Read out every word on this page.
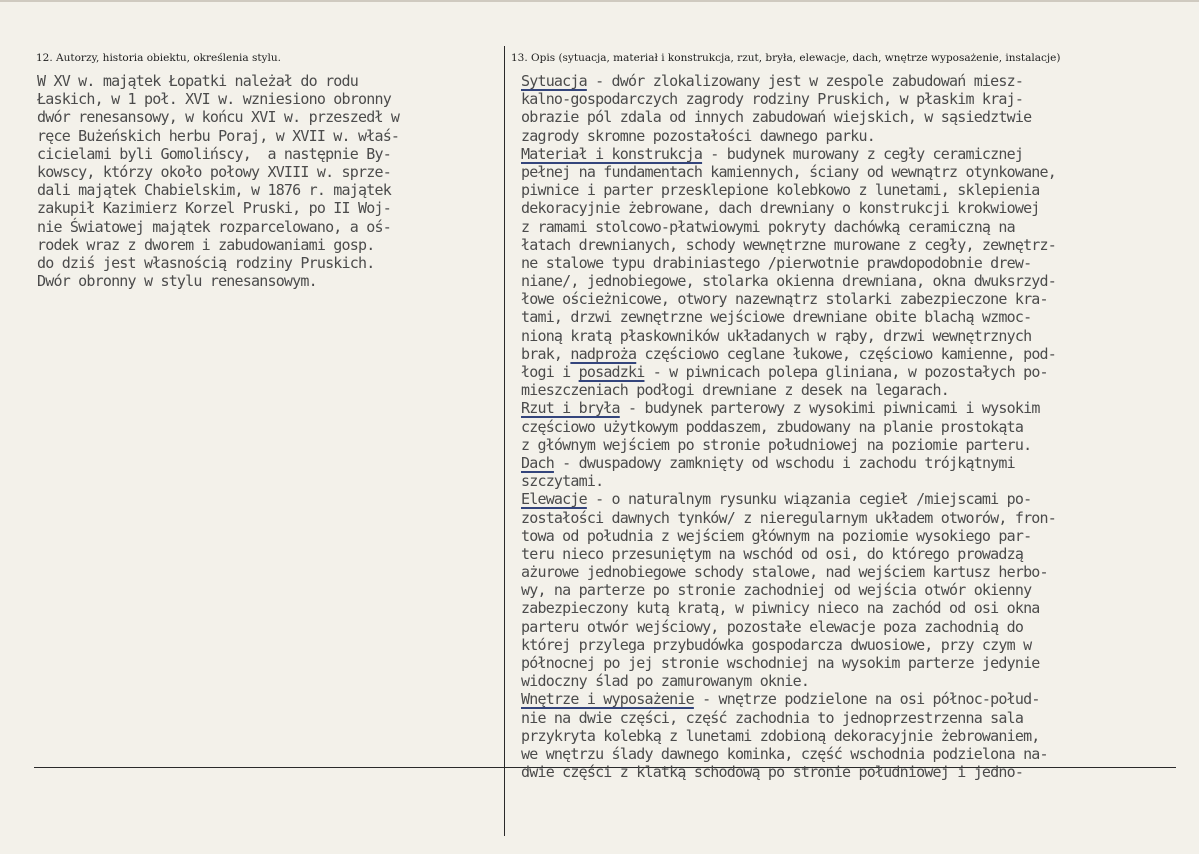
12. Autorzy, historia obiektu, określenia stylu.	13. Opis (sytuacja, materiał i konstrukcja, rzut, bryła, elewacje, dach, wnętrze wyposażenie, instalacje)
W XV w. majątek Łopatki należał do rodu
Łaskich, w 1 poł. XVI w. wzniesiono obronny
dwór renesansowy, w końcu XVI w. przeszedł w
ręce Bużeńskich herbu Poraj, w XVII w. właś-
cicielami byli Gomolińscy,  a następnie By-
kowscy, którzy około połowy XVIII w. sprze-
dali majątek Chabielskim, w 1876 r. majątek
zakupił Kazimierz Korzel Pruski, po II Woj-
nie Światowej majątek rozparcelowano, a oś-
rodek wraz z dworem i zabudowaniami gosp.
do dziś jest własnością rodziny Pruskich.
Dwór obronny w stylu renesansowym.
Sytuacja - dwór zlokalizowany jest w zespole zabudowań miesz-
kalno-gospodarczych zagrody rodziny Pruskich, w płaskim kraj-
obrazie pól zdala od innych zabudowań wiejskich, w sąsiedztwie
zagrody skromne pozostałości dawnego parku.
Materiał i konstrukcja - budynek murowany z cegły ceramicznej
pełnej na fundamentach kamiennych, ściany od wewnątrz otynkowane,
piwnice i parter przesklepione kolebkowo z lunetami, sklepienia
dekoracyjnie żebrowane, dach drewniany o konstrukcji krokwiowej
z ramami stolcowo-płatwiowymi pokryty dachówką ceramiczną na
łatach drewnianych, schody wewnętrzne murowane z cegły, zewnętrz-
ne stalowe typu drabiniastego /pierwotnie prawdopodobnie drew-
niane/, jednobiegowe, stolarka okienna drewniana, okna dwuksrzyd-
łowe ościeżnicowe, otwory nazewnątrz stolarki zabezpieczone kra-
tami, drzwi zewnętrzne wejściowe drewniane obite blachą wzmoc-
nioną kratą płaskowników układanych w rąby, drzwi wewnętrznych
brak, nadproża częściowo ceglane łukowe, częściowo kamienne, pod-
łogi i posadzki - w piwnicach polepa gliniana, w pozostałych po-
mieszczeniach podłogi drewniane z desek na legarach.
Rzut i bryła - budynek parterowy z wysokimi piwnicami i wysokim
częściowo użytkowym poddaszem, zbudowany na planie prostokąta
z głównym wejściem po stronie południowej na poziomie parteru.
Dach - dwuspadowy zamknięty od wschodu i zachodu trójkątnymi
szczytami.
Elewacje - o naturalnym rysunku wiązania cegieł /miejscami po-
zostałości dawnych tynków/ z nieregularnym układem otworów, fron-
towa od południa z wejściem głównym na poziomie wysokiego par-
teru nieco przesuniętym na wschód od osi, do którego prowadzą
ażurowe jednobiegowe schody stalowe, nad wejściem kartusz herbo-
wy, na parterze po stronie zachodniej od wejścia otwór okienny
zabezpieczony kutą kratą, w piwnicy nieco na zachód od osi okna
parteru otwór wejściowy, pozostałe elewacje poza zachodnią do
której przylega przybudówka gospodarcza dwuosiowe, przy czym w
północnej po jej stronie wschodniej na wysokim parterze jedynie
widoczny ślad po zamurowanym oknie.
Wnętrze i wyposażenie - wnętrze podzielone na osi północ-połud-
nie na dwie części, część zachodnia to jednoprzestrzenna sala
przykryta kolebką z lunetami zdobioną dekoracyjnie żebrowaniem,
we wnętrzu ślady dawnego kominka, część wschodnia podzielona na-
dwie części z klatką schodową po stronie południowej i jedno-
